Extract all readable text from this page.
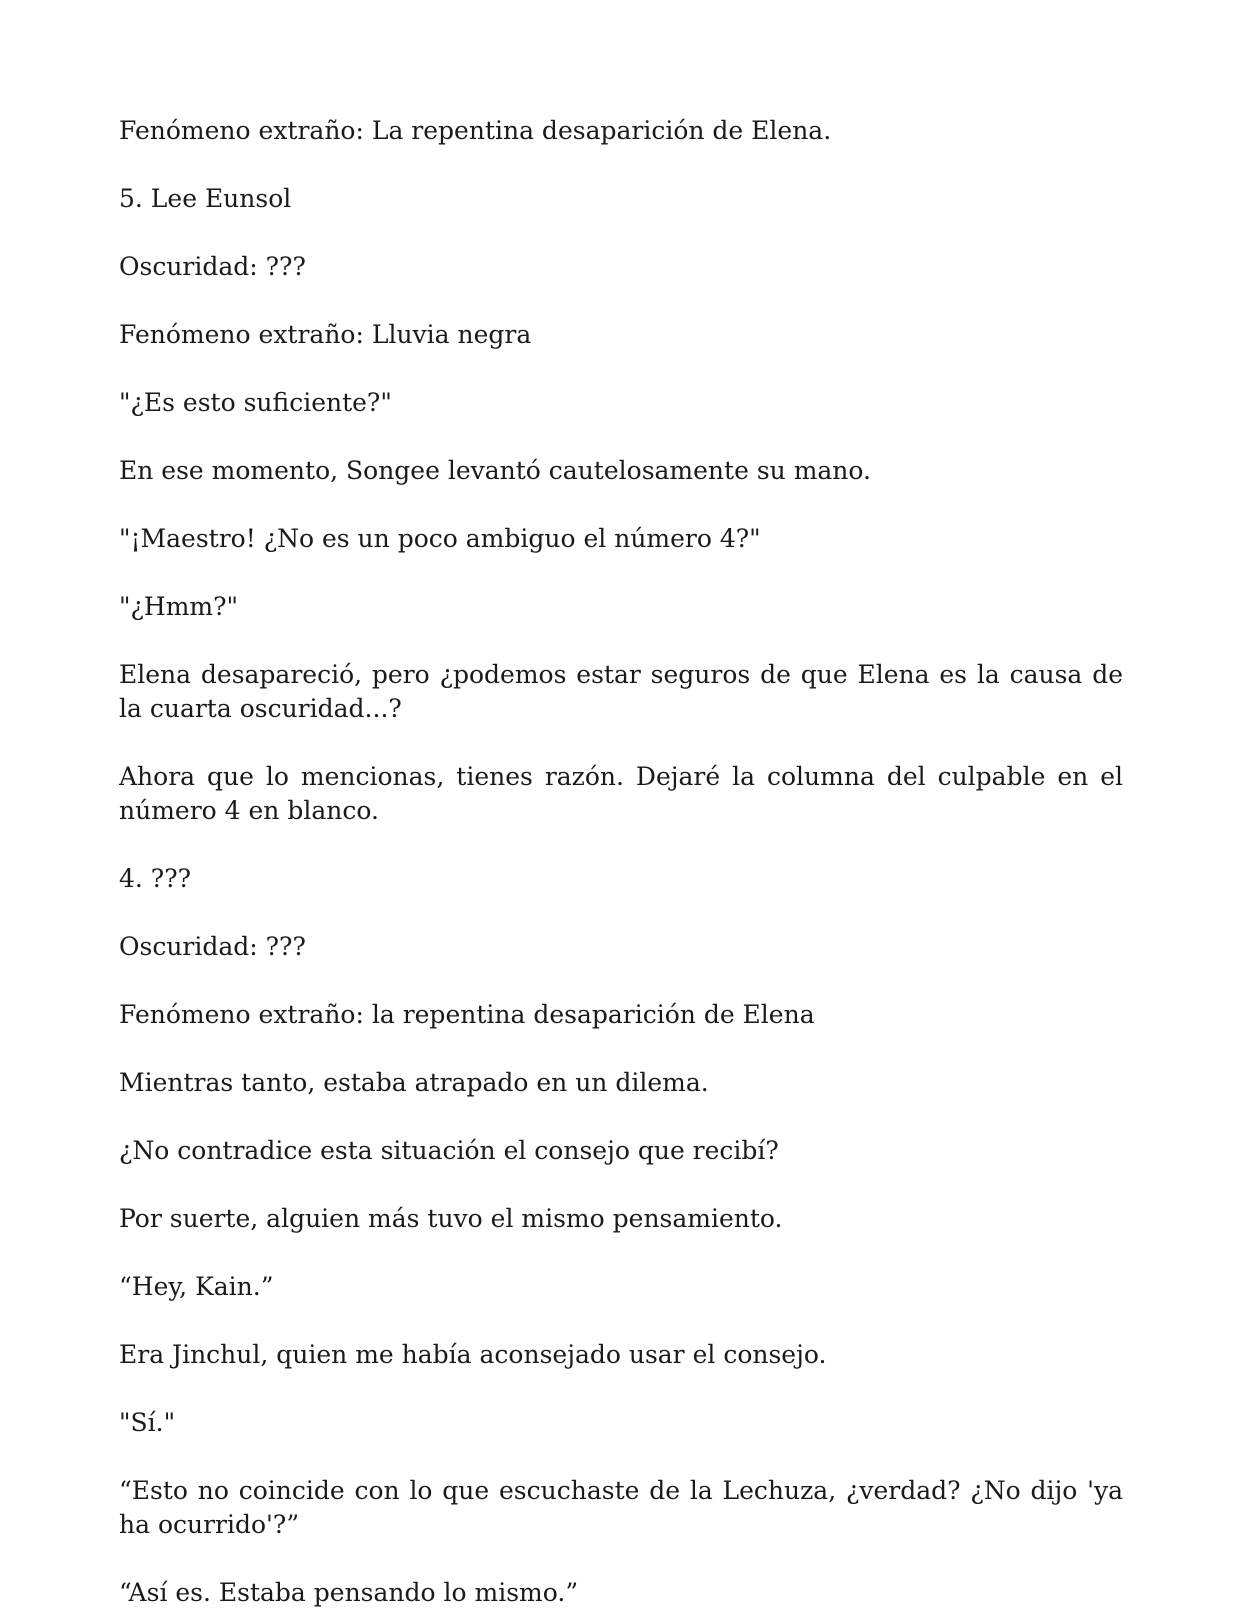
Fenómeno extraño: La repentina desaparición de Elena.

5. Lee Eunsol

Oscuridad: ???

Fenómeno extraño: Lluvia negra

"¿Es esto suficiente?"

En ese momento, Songee levantó cautelosamente su mano.

"¡Maestro! ¿No es un poco ambiguo el número 4?"

"¿Hmm?"

Elena desapareció, pero ¿podemos estar seguros de que Elena es la causa de la cuarta oscuridad...?

Ahora que lo mencionas, tienes razón. Dejaré la columna del culpable en el número 4 en blanco.

4. ???

Oscuridad: ???

Fenómeno extraño: la repentina desaparición de Elena

Mientras tanto, estaba atrapado en un dilema.

¿No contradice esta situación el consejo que recibí?

Por suerte, alguien más tuvo el mismo pensamiento.

“Hey, Kain.”

Era Jinchul, quien me había aconsejado usar el consejo.

"Sí."

“Esto no coincide con lo que escuchaste de la Lechuza, ¿verdad? ¿No dijo 'ya ha ocurrido'?”

“Así es. Estaba pensando lo mismo.”
